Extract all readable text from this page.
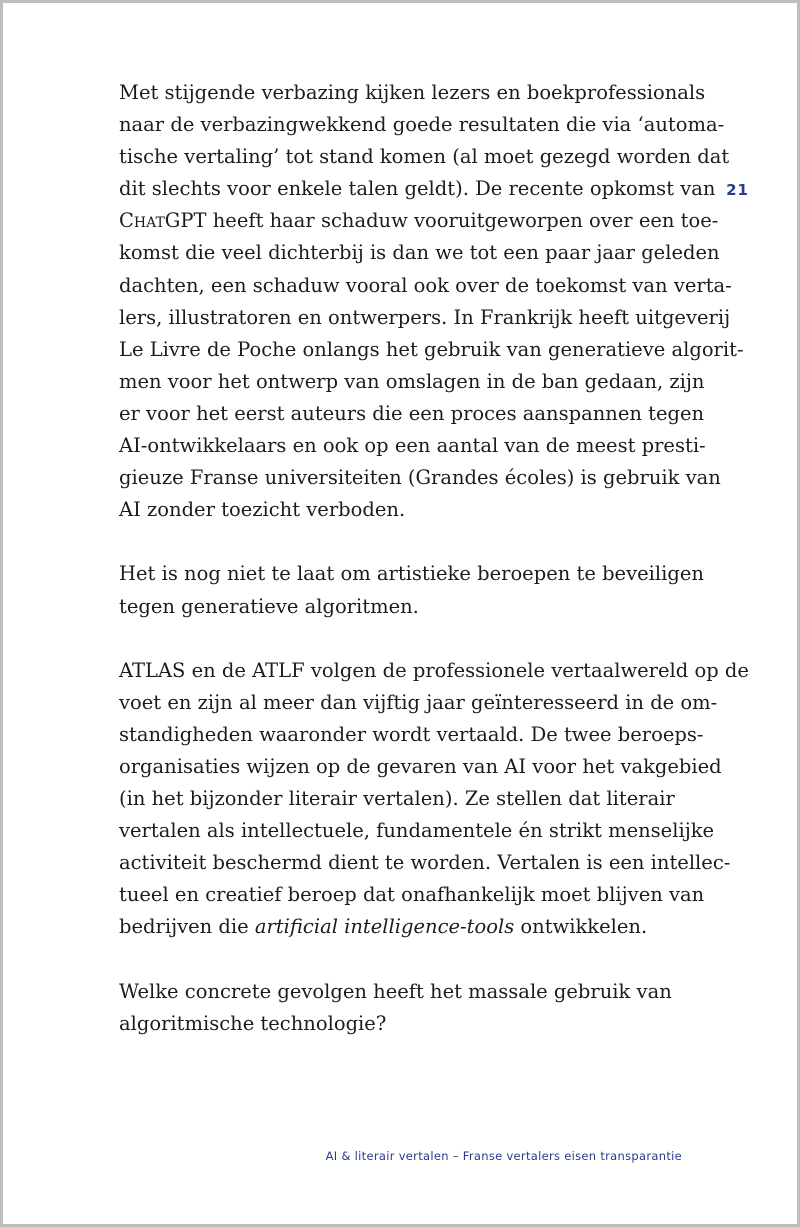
Met stijgende verbazing kijken lezers en boekprofessionals
naar de verbazingwekkend goede resultaten die via ‘automa-
tische vertaling’ tot stand komen (al moet gezegd worden dat
dit slechts voor enkele talen geldt). De recente opkomst van
ChatGPT heeft haar schaduw vooruitgeworpen over een toe-
komst die veel dichterbij is dan we tot een paar jaar geleden
dachten, een schaduw vooral ook over de toekomst van verta-
lers, illustratoren en ontwerpers. In Frankrijk heeft uitgeverij
Le Livre de Poche onlangs het gebruik van generatieve algorit-
men voor het ontwerp van omslagen in de ban gedaan, zijn
er voor het eerst auteurs die een proces aanspannen tegen
AI-ontwikkelaars en ook op een aantal van de meest presti-
gieuze Franse universiteiten (Grandes écoles) is gebruik van
AI zonder toezicht verboden.

Het is nog niet te laat om artistieke beroepen te beveiligen
tegen generatieve algoritmen.

ATLAS en de ATLF volgen de professionele vertaalwereld op de
voet en zijn al meer dan vijftig jaar geïnteresseerd in de om-
standigheden waaronder wordt vertaald. De twee beroeps-
organisaties wijzen op de gevaren van AI voor het vakgebied
(in het bijzonder literair vertalen). Ze stellen dat literair
vertalen als intellectuele, fundamentele én strikt menselijke
activiteit beschermd dient te worden. Vertalen is een intellec-
tueel en creatief beroep dat onafhankelijk moet blijven van
bedrijven die artificial intelligence-tools ontwikkelen.

Welke concrete gevolgen heeft het massale gebruik van
algoritmische technologie?

21
AI & literair vertalen – Franse vertalers eisen transparantie
